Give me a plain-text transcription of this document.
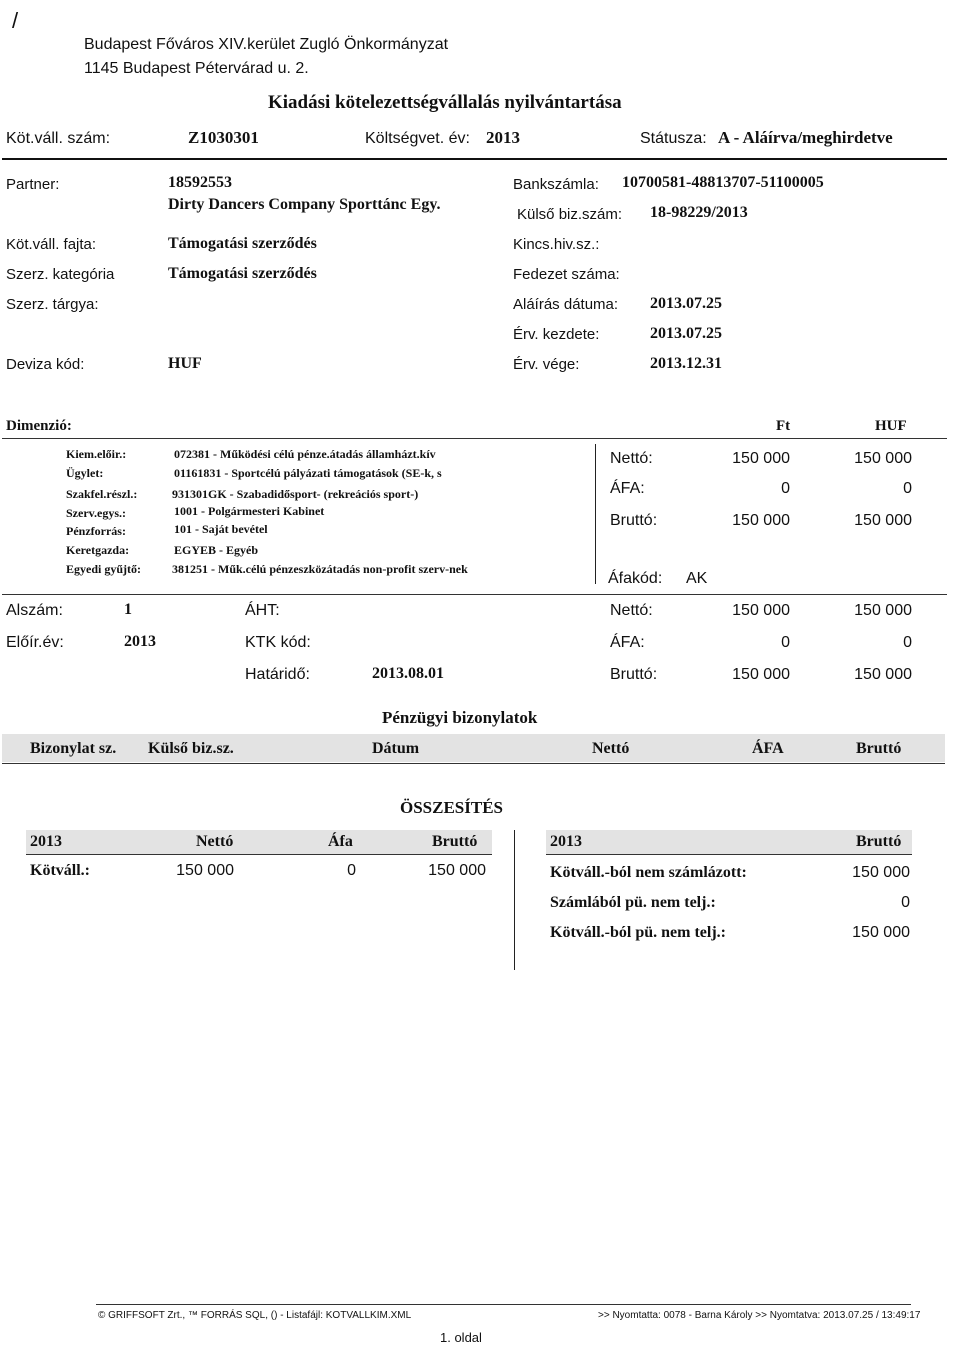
/
Budapest Főváros XIV.kerület Zugló Önkormányzat
1145 Budapest Pétervárad u. 2.
Kiadási kötelezettségvállalás nyilvántartása
Köt.váll. szám:	Z1030301	Költségvet. év: 2013	Státusza: A - Aláírva/meghirdetve
Partner:	18592553
Dirty Dancers Company Sporttánc Egy.
Köt.váll. fajta:	Támogatási szerződés
Szerz. kategória	Támogatási szerződés
Szerz. tárgya:
Deviza kód:	HUF
Bankszámla: 10700581-48813707-51100005
Külső biz.szám: 18-98229/2013
Kincs.hiv.sz.:
Fedezet száma:
Aláírás dátuma: 2013.07.25
Érv. kezdete:	2013.07.25
Érv. vége:	2013.12.31
Dimenzió:	Ft	HUF
Kiem.előir.:	072381 - Működési célú pénze.átadás államházt.kív
Ügylet:	01161831 - Sportcélú pályázati támogatások (SE-k, s
Szakfel.részl.:	931301GK - Szabadidősport- (rekreációs sport-)
Szerv.egys.:	1001 - Polgármesteri Kabinet
Pénzforrás:	101 - Saját bevétel
Keretgazda:	EGYEB - Egyéb
Egyedi gyűjtő:	381251 - Műk.célú pénzeszközátadás non-profit szerv-nek
Nettó:	150 000	150 000
ÁFA:	0	0
Bruttó:	150 000	150 000
Áfakód: AK
Alszám:	1
Előír.év:	2013
ÁHT:
KTK kód:
Határidő:	2013.08.01
Nettó:	150 000	150 000
ÁFA:	0	0
Bruttó:	150 000	150 000
Pénzügyi bizonylatok
Bizonylat sz. Külső biz.sz.	Dátum	Nettó	ÁFA	Bruttó
ÖSSZESÍTÉS
2013	Nettó	Áfa	Bruttó
Kötváll.:	150 000	0	150 000
2013	Bruttó
Kötváll.-ból nem számlázott:	150 000
Számlából pü. nem telj.:	0
Kötváll.-ból pü. nem telj.:	150 000
© GRIFFSOFT Zrt., ™ FORRÁS SQL, () - Listafájl: KOTVALLKIM.XML	>> Nyomtatta: 0078 - Barna Károly >> Nyomtatva: 2013.07.25 / 13:49:17
1. oldal
